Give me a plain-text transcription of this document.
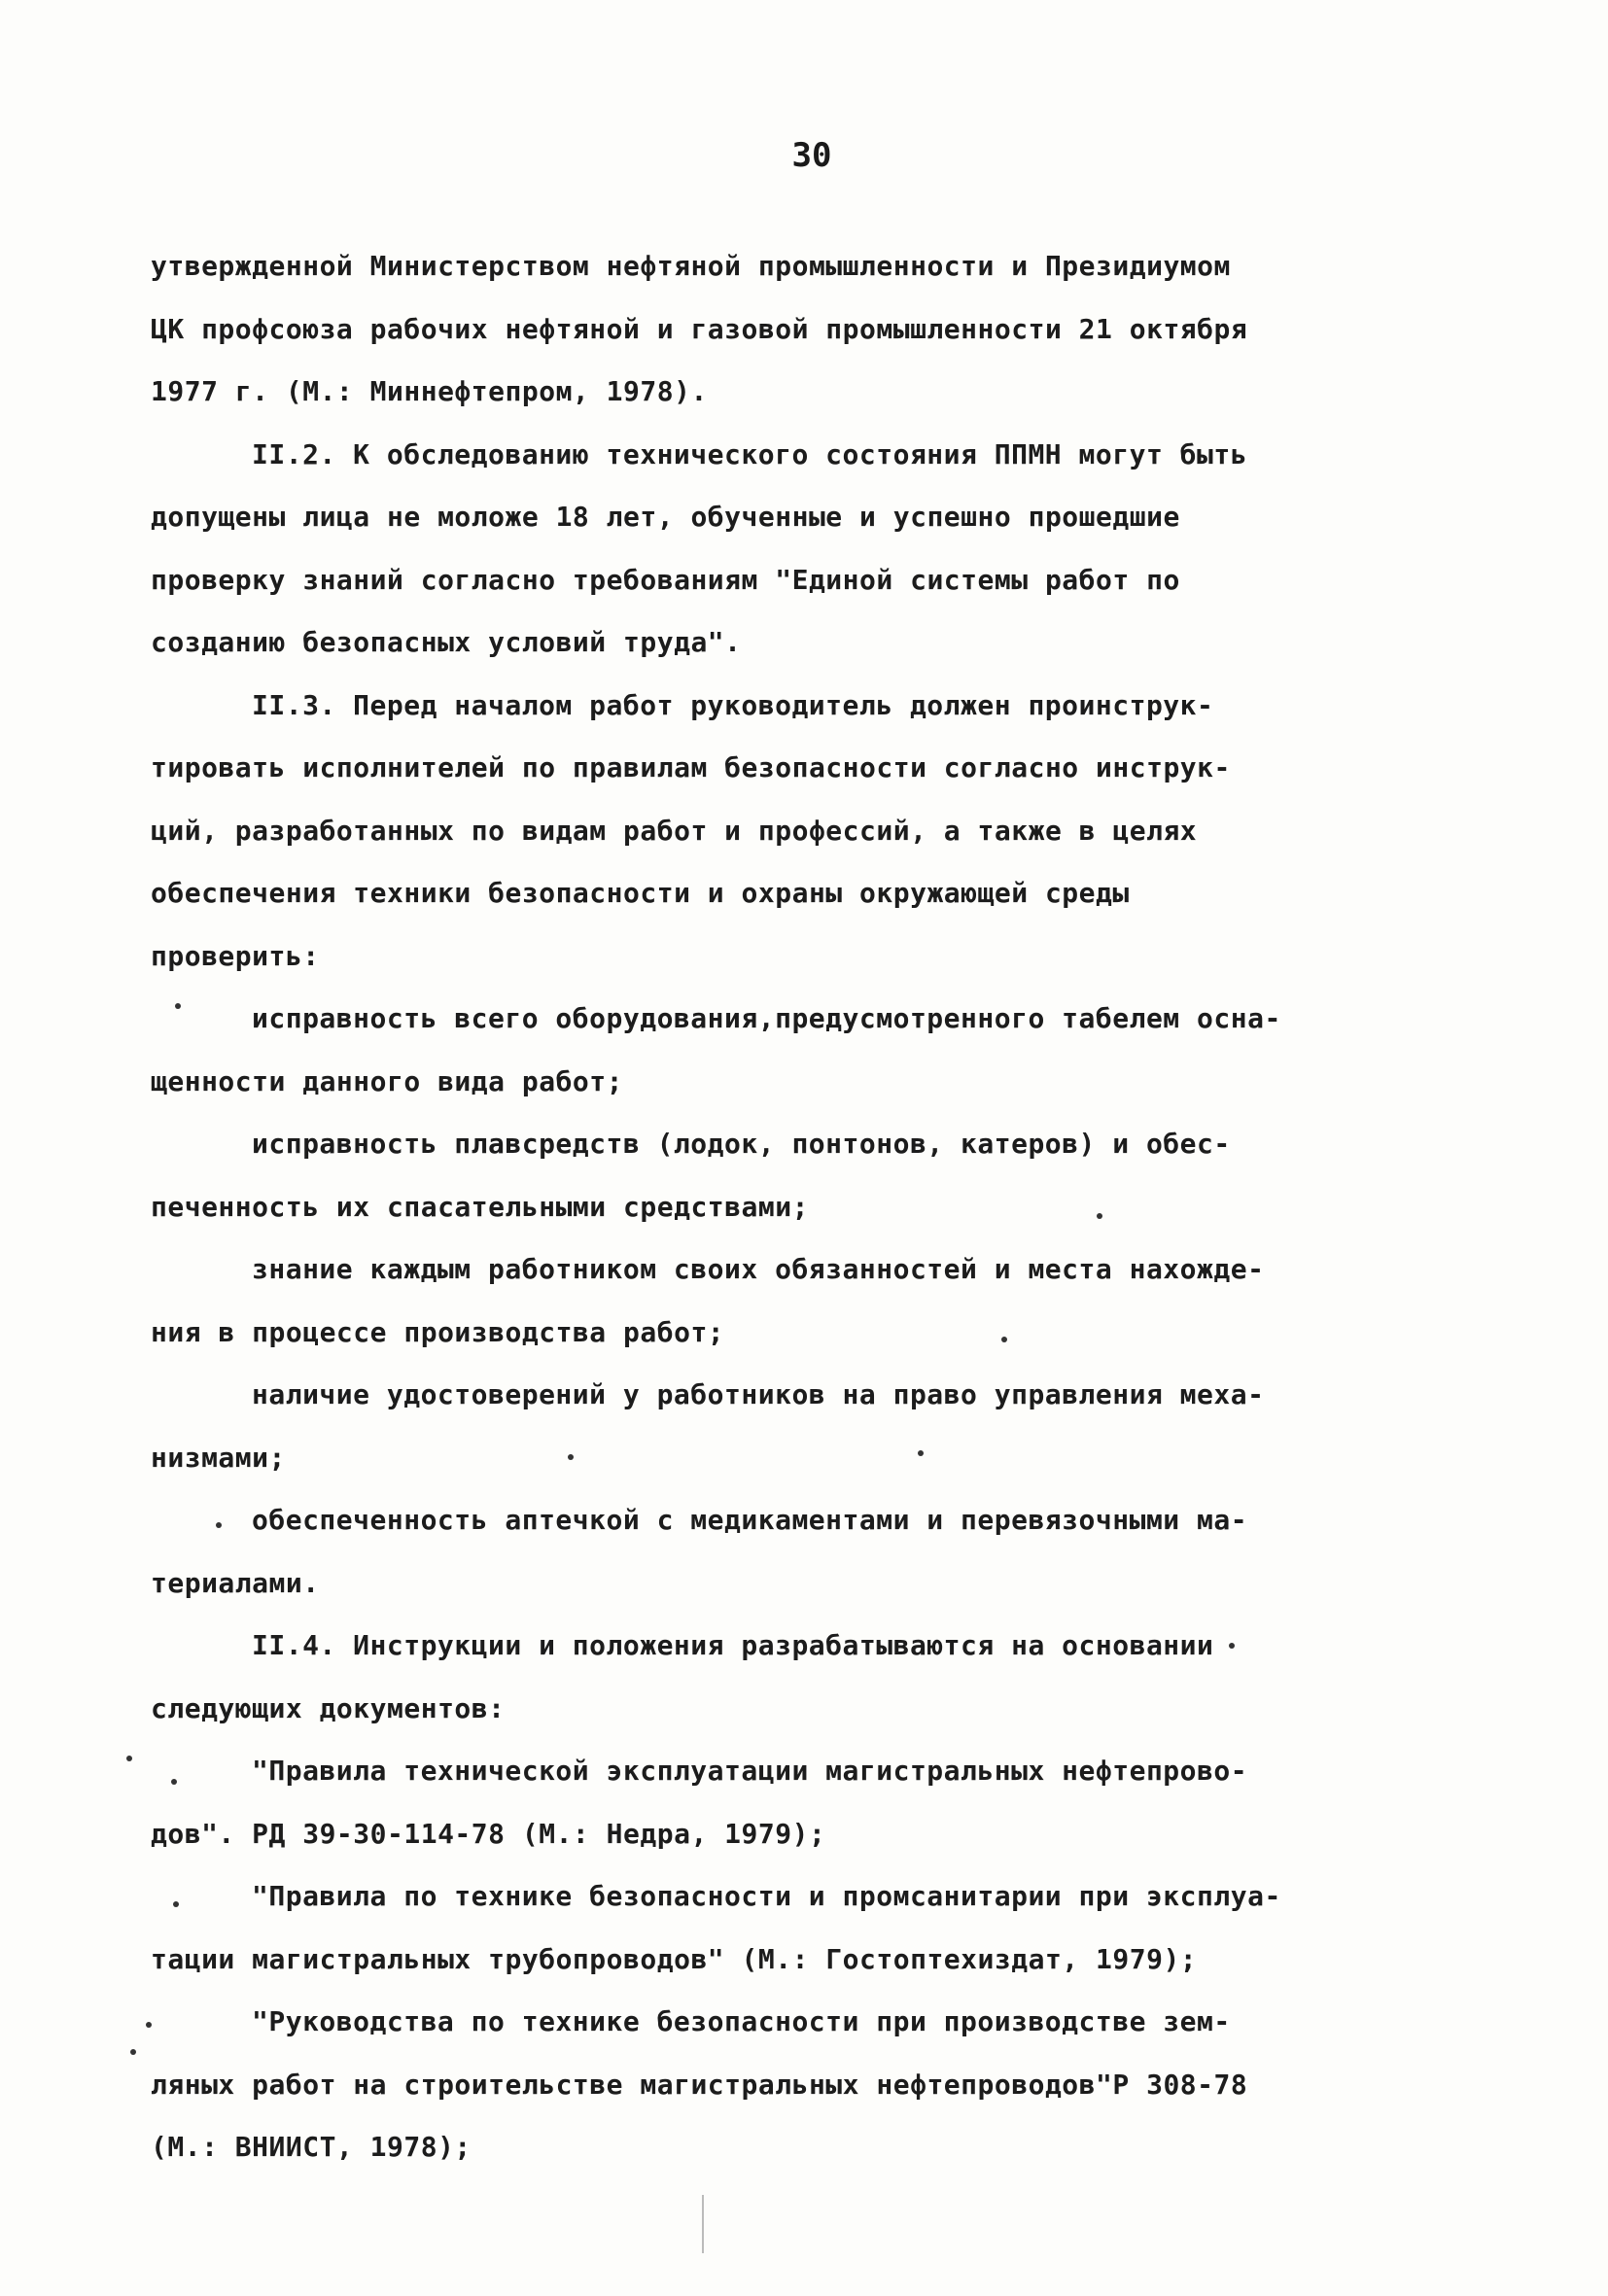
30
утвержденной Министерством нефтяной промышленности и Президиумом
ЦК профсоюза рабочих нефтяной и газовой промышленности 21 октября
1977 г. (М.: Миннефтепром, 1978).
II.2. К обследованию технического состояния ППМН могут быть
допущены лица не моложе 18 лет, обученные и успешно прошедшие
проверку знаний согласно требованиям "Единой системы работ по
созданию безопасных условий труда".
II.3. Перед началом работ руководитель должен проинструк-
тировать исполнителей по правилам безопасности согласно инструк-
ций, разработанных по видам работ и профессий, а также в целях
обеспечения техники безопасности и охраны окружающей среды
проверить:
исправность всего оборудования,предусмотренного табелем осна-
щенности данного вида работ;
исправность плавсредств (лодок, понтонов, катеров) и обес-
печенность их спасательными средствами;
знание каждым работником своих обязанностей и места нахожде-
ния в процессе производства работ;
наличие удостоверений у работников на право управления меха-
низмами;
обеспеченность аптечкой с медикаментами и перевязочными ма-
териалами.
II.4. Инструкции и положения разрабатываются на основании
следующих документов:
"Правила технической эксплуатации магистральных нефтепрово-
дов". РД 39-30-114-78 (М.: Недра, 1979);
"Правила по технике безопасности и промсанитарии при эксплуа-
тации магистральных трубопроводов" (М.: Гостоптехиздат, 1979);
"Руководства по технике безопасности при производстве зем-
ляных работ на строительстве магистральных нефтепроводов"Р 308-78
(М.: ВНИИСТ, 1978);
